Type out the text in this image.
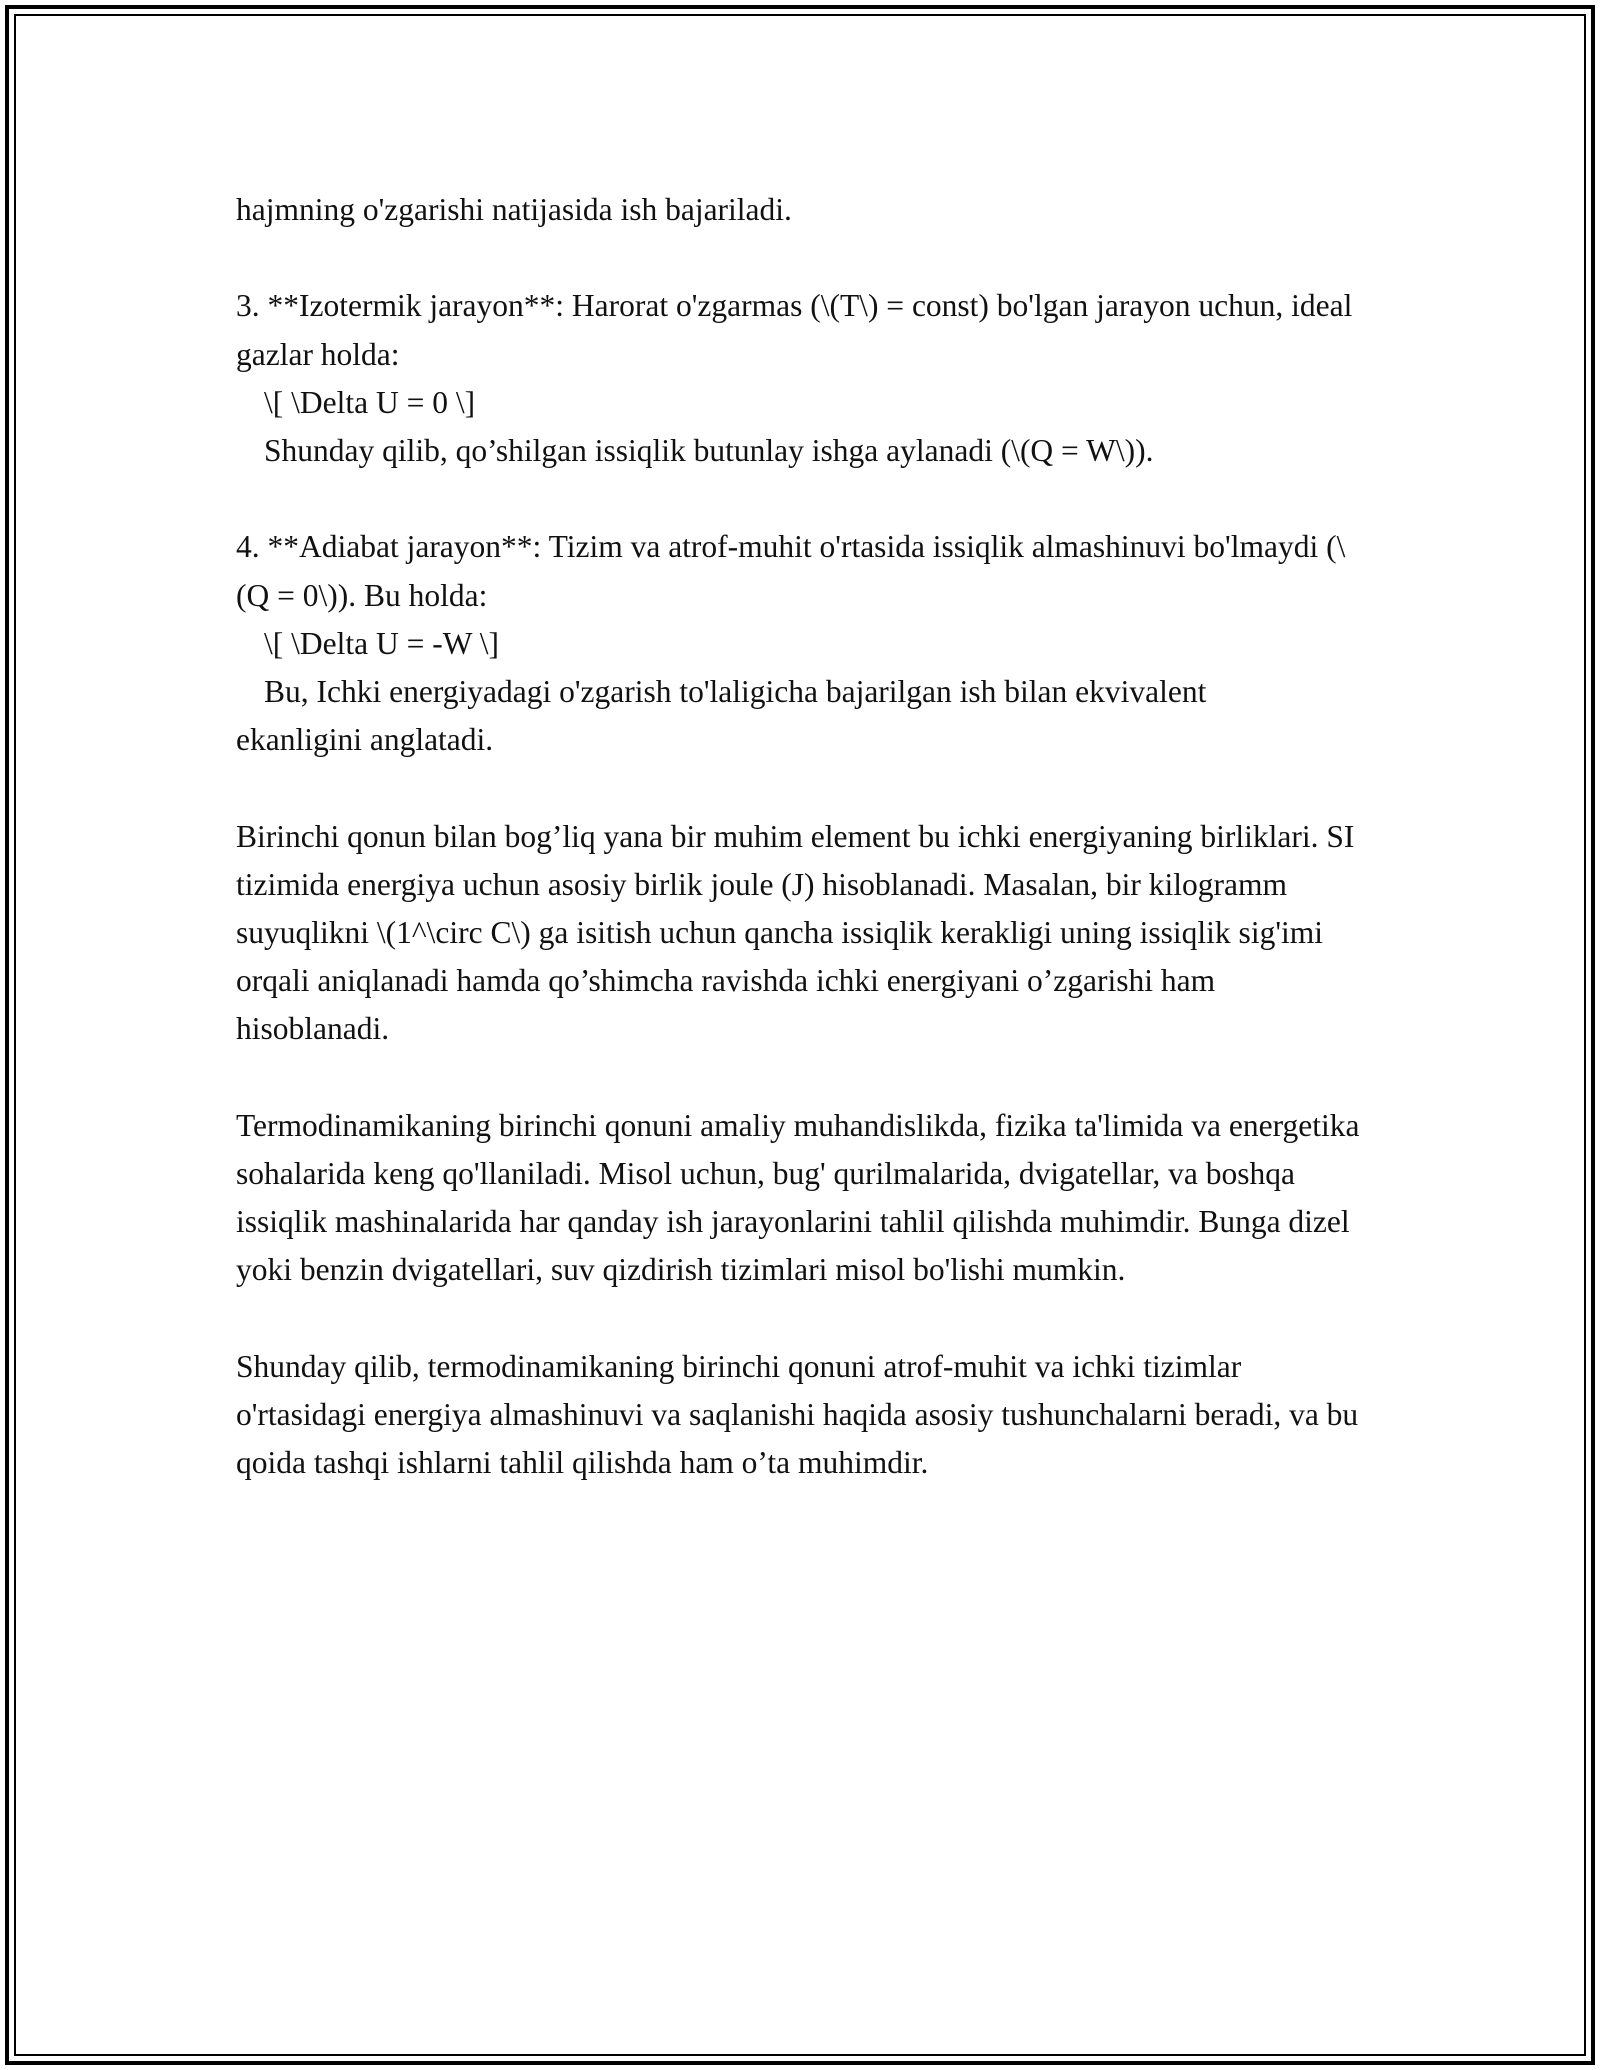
hajmning o'zgarishi natijasida ish bajariladi.

3. **Izotermik jarayon**: Harorat o'zgarmas (\(T\) = const) bo'lgan jarayon uchun, ideal gazlar holda:

\[ \Delta U = 0 \]

Shunday qilib, qo’shilgan issiqlik butunlay ishga aylanadi (\(Q = W\)).

4. **Adiabat jarayon**: Tizim va atrof-muhit o'rtasida issiqlik almashinuvi bo'lmaydi (\(Q = 0\)). Bu holda:

\[ \Delta U = -W \]

Bu, Ichki energiyadagi o'zgarish to'laligicha bajarilgan ish bilan ekvivalent

ekanligini anglatadi.

Birinchi qonun bilan bog’liq yana bir muhim element bu ichki energiyaning birliklari. SI tizimida energiya uchun asosiy birlik joule (J) hisoblanadi. Masalan, bir kilogramm suyuqlikni \(1^\circ C\) ga isitish uchun qancha issiqlik kerakligi uning issiqlik sig'imi orqali aniqlanadi hamda qo’shimcha ravishda ichki energiyani o’zgarishi ham hisoblanadi.

Termodinamikaning birinchi qonuni amaliy muhandislikda, fizika ta'limida va energetika sohalarida keng qo'llaniladi. Misol uchun, bug' qurilmalarida, dvigatellar, va boshqa issiqlik mashinalarida har qanday ish jarayonlarini tahlil qilishda muhimdir. Bunga dizel yoki benzin dvigatellari, suv qizdirish tizimlari misol bo'lishi mumkin.

Shunday qilib, termodinamikaning birinchi qonuni atrof-muhit va ichki tizimlar o'rtasidagi energiya almashinuvi va saqlanishi haqida asosiy tushunchalarni beradi, va bu qoida tashqi ishlarni tahlil qilishda ham o’ta muhimdir.
